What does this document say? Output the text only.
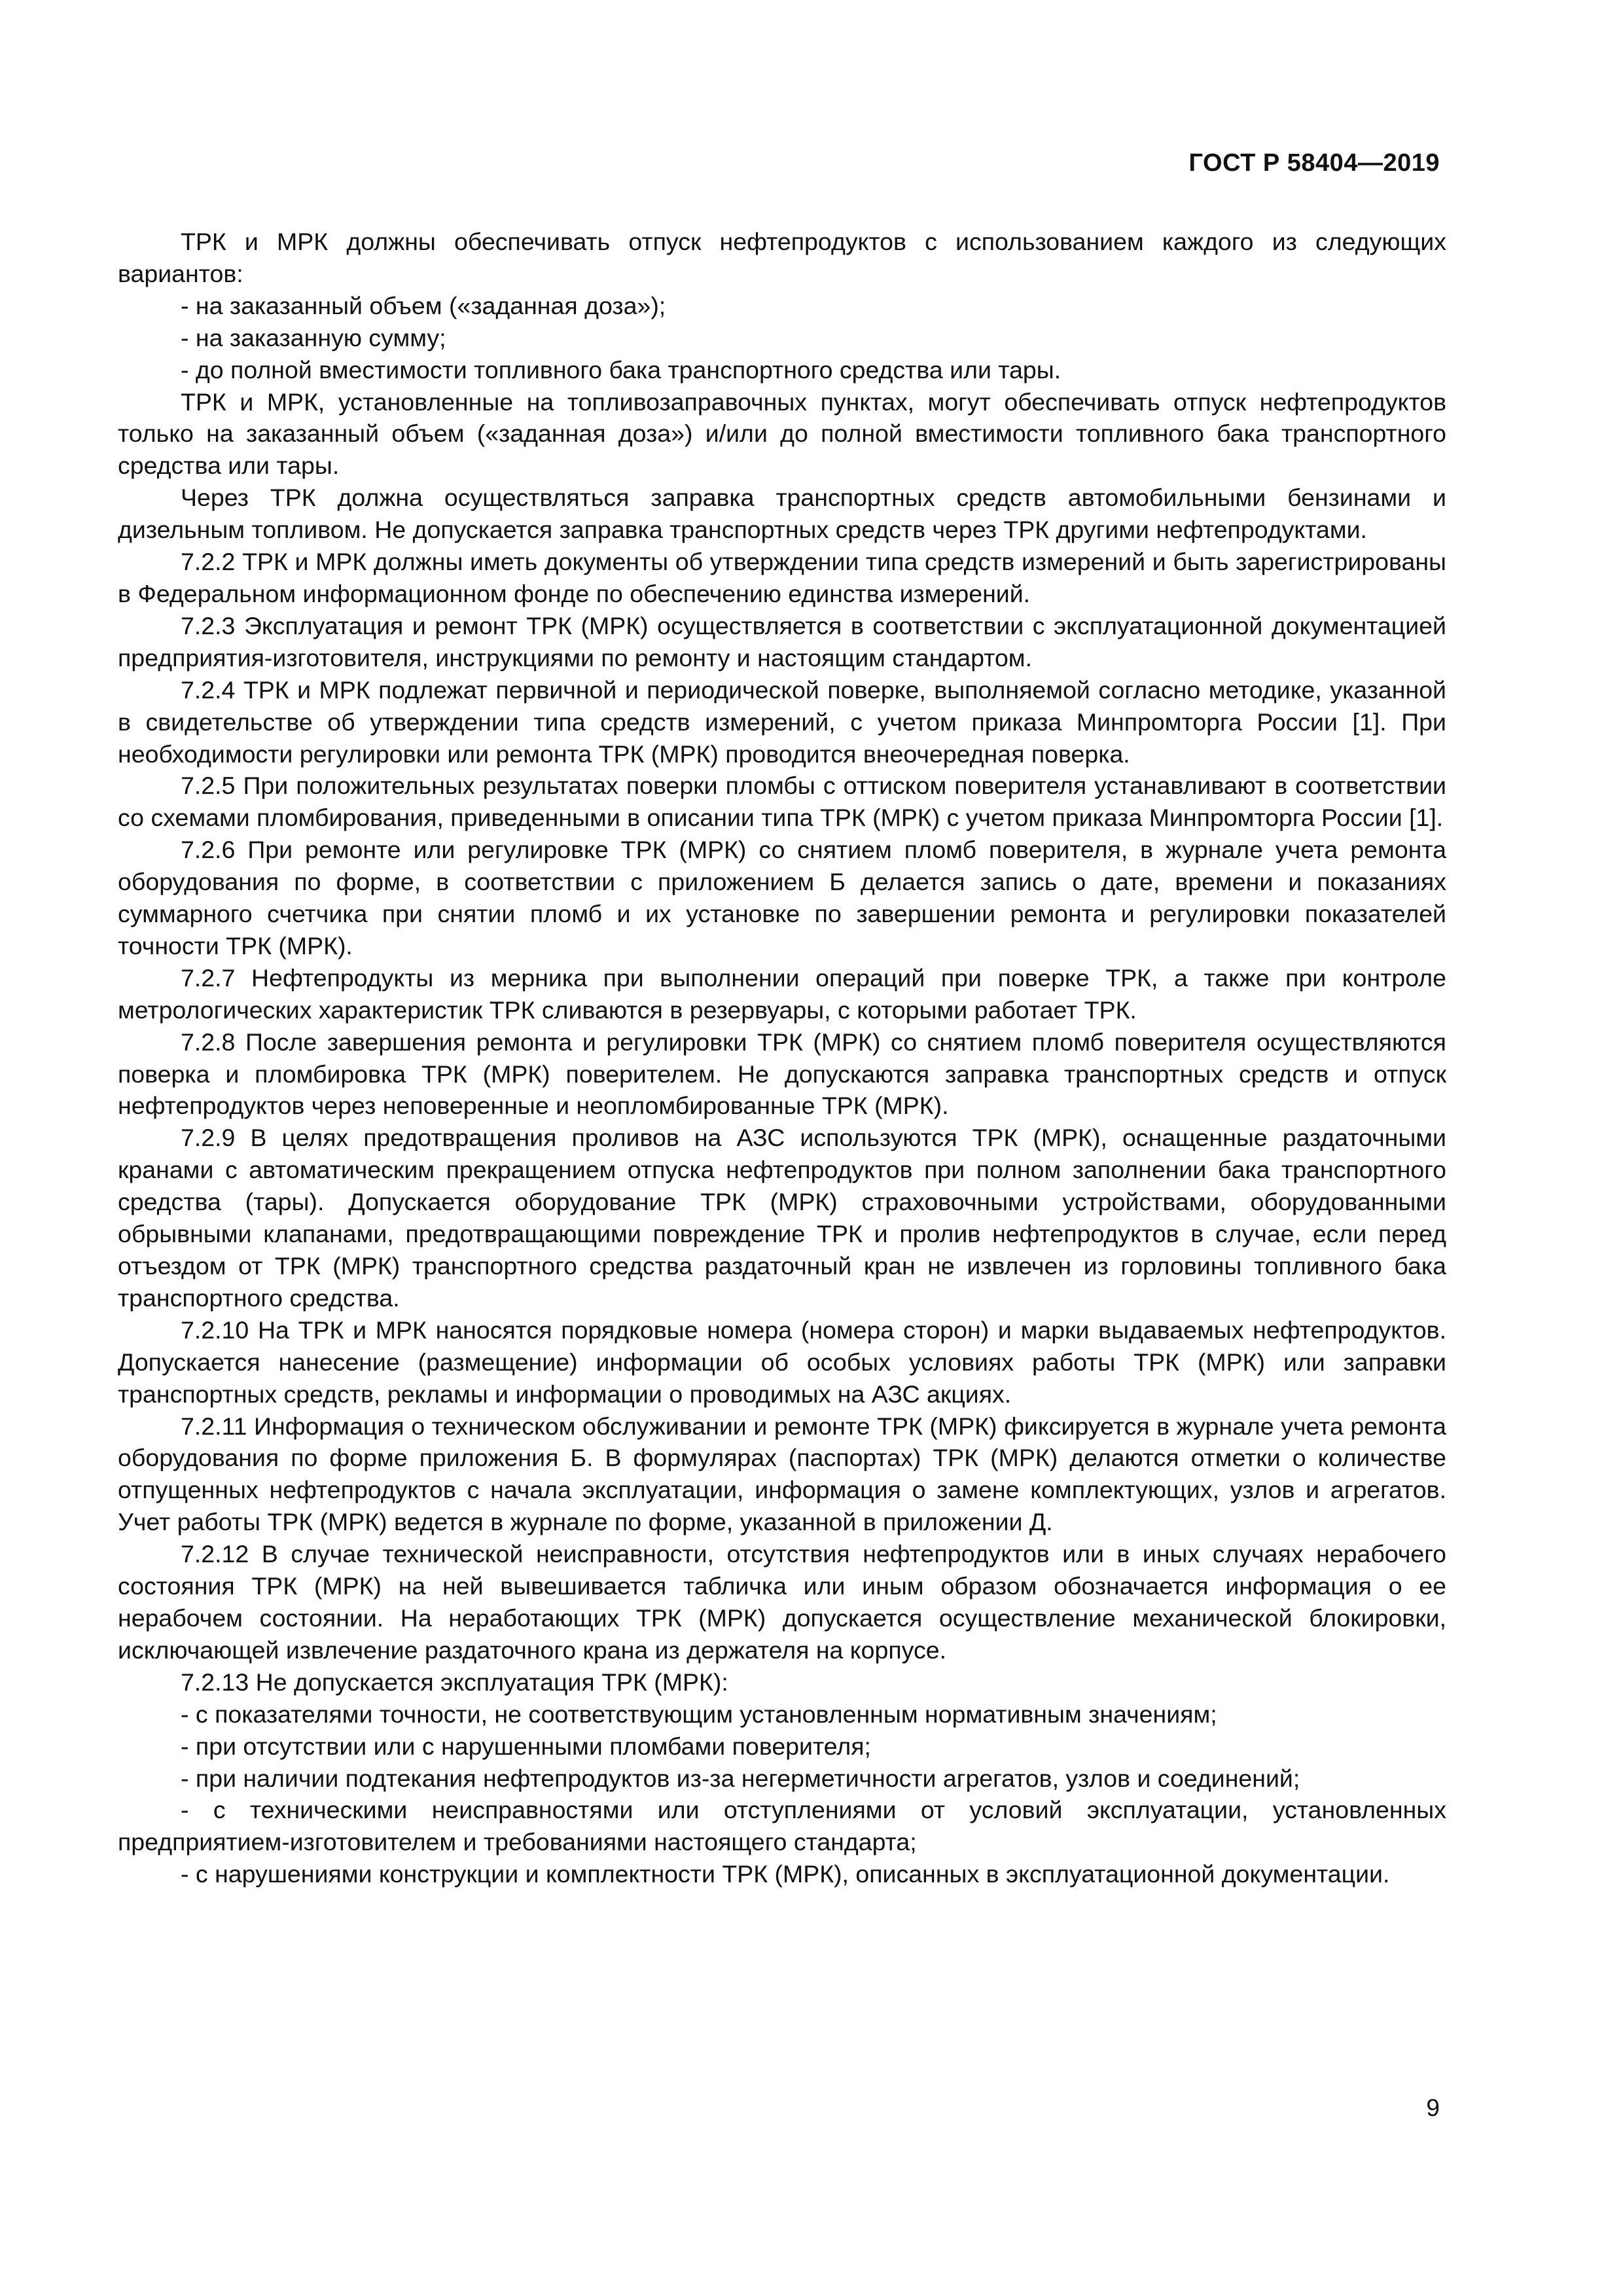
ГОСТ Р 58404—2019

ТРК и МРК должны обеспечивать отпуск нефтепродуктов с использованием каждого из следующих вариантов:

- на заказанный объем («заданная доза»);

- на заказанную сумму;

- до полной вместимости топливного бака транспортного средства или тары.

ТРК и МРК, установленные на топливозаправочных пунктах, могут обеспечивать отпуск нефтепродуктов только на заказанный объем («заданная доза») и/или до полной вместимости топливного бака транспортного средства или тары.

Через ТРК должна осуществляться заправка транспортных средств автомобильными бензинами и дизельным топливом. Не допускается заправка транспортных средств через ТРК другими нефтепродуктами.

7.2.2 ТРК и МРК должны иметь документы об утверждении типа средств измерений и быть зарегистрированы в Федеральном информационном фонде по обеспечению единства измерений.

7.2.3 Эксплуатация и ремонт ТРК (МРК) осуществляется в соответствии с эксплуатационной документацией предприятия-изготовителя, инструкциями по ремонту и настоящим стандартом.

7.2.4 ТРК и МРК подлежат первичной и периодической поверке, выполняемой согласно методике, указанной в свидетельстве об утверждении типа средств измерений, с учетом приказа Минпромторга России [1]. При необходимости регулировки или ремонта ТРК (МРК) проводится внеочередная поверка.

7.2.5 При положительных результатах поверки пломбы с оттиском поверителя устанавливают в соответствии со схемами пломбирования, приведенными в описании типа ТРК (МРК) с учетом приказа Минпромторга России [1].

7.2.6 При ремонте или регулировке ТРК (МРК) со снятием пломб поверителя, в журнале учета ремонта оборудования по форме, в соответствии с приложением Б делается запись о дате, времени и показаниях суммарного счетчика при снятии пломб и их установке по завершении ремонта и регулировки показателей точности ТРК (МРК).

7.2.7 Нефтепродукты из мерника при выполнении операций при поверке ТРК, а также при контроле метрологических характеристик ТРК сливаются в резервуары, с которыми работает ТРК.

7.2.8 После завершения ремонта и регулировки ТРК (МРК) со снятием пломб поверителя осуществляются поверка и пломбировка ТРК (МРК) поверителем. Не допускаются заправка транспортных средств и отпуск нефтепродуктов через неповеренные и неопломбированные ТРК (МРК).

7.2.9 В целях предотвращения проливов на АЗС используются ТРК (МРК), оснащенные раздаточными кранами с автоматическим прекращением отпуска нефтепродуктов при полном заполнении бака транспортного средства (тары). Допускается оборудование ТРК (МРК) страховочными устройствами, оборудованными обрывными клапанами, предотвращающими повреждение ТРК и пролив нефтепродуктов в случае, если перед отъездом от ТРК (МРК) транспортного средства раздаточный кран не извлечен из горловины топливного бака транспортного средства.

7.2.10 На ТРК и МРК наносятся порядковые номера (номера сторон) и марки выдаваемых нефтепродуктов. Допускается нанесение (размещение) информации об особых условиях работы ТРК (МРК) или заправки транспортных средств, рекламы и информации о проводимых на АЗС акциях.

7.2.11 Информация о техническом обслуживании и ремонте ТРК (МРК) фиксируется в журнале учета ремонта оборудования по форме приложения Б. В формулярах (паспортах) ТРК (МРК) делаются отметки о количестве отпущенных нефтепродуктов с начала эксплуатации, информация о замене комплектующих, узлов и агрегатов. Учет работы ТРК (МРК) ведется в журнале по форме, указанной в приложении Д.

7.2.12 В случае технической неисправности, отсутствия нефтепродуктов или в иных случаях нерабочего состояния ТРК (МРК) на ней вывешивается табличка или иным образом обозначается информация о ее нерабочем состоянии. На неработающих ТРК (МРК) допускается осуществление механической блокировки, исключающей извлечение раздаточного крана из держателя на корпусе.

7.2.13 Не допускается эксплуатация ТРК (МРК):

- с показателями точности, не соответствующим установленным нормативным значениям;

- при отсутствии или с нарушенными пломбами поверителя;

- при наличии подтекания нефтепродуктов из-за негерметичности агрегатов, узлов и соединений;

- с техническими неисправностями или отступлениями от условий эксплуатации, установленных предприятием-изготовителем и требованиями настоящего стандарта;

- с нарушениями конструкции и комплектности ТРК (МРК), описанных в эксплуатационной документации.

9
